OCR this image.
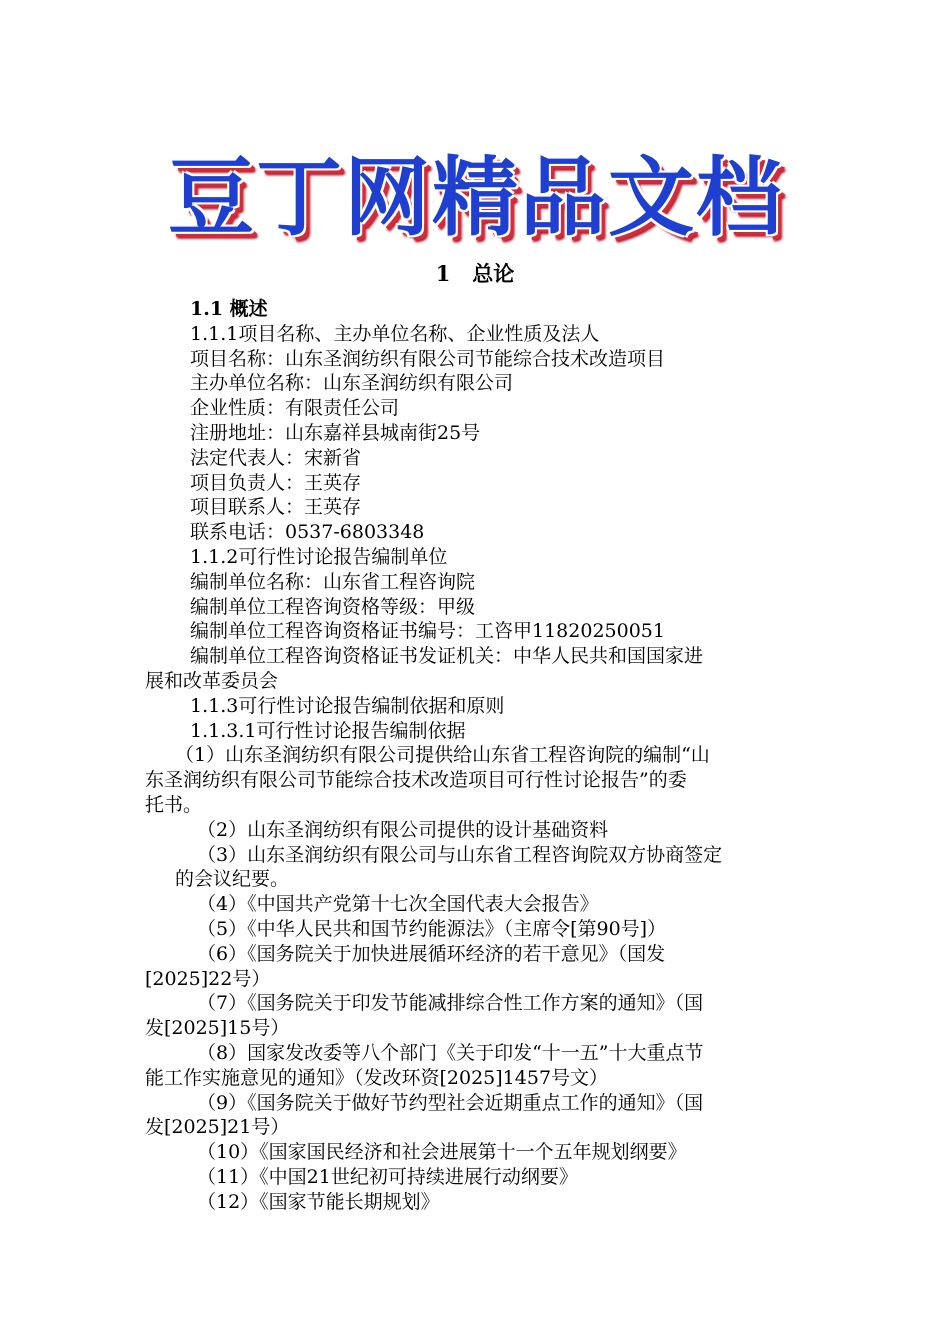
豆丁网精品文档
1   总论
1.1 概述
1.1.1项目名称、主办单位名称、企业性质及法人
项目名称：山东圣润纺织有限公司节能综合技术改造项目
主办单位名称：山东圣润纺织有限公司
企业性质：有限责任公司
注册地址：山东嘉祥县城南街25号
法定代表人：宋新省
项目负责人：王英存
项目联系人：王英存
联系电话：0537-6803348
1.1.2可行性讨论报告编制单位
编制单位名称：山东省工程咨询院
编制单位工程咨询资格等级：甲级
编制单位工程咨询资格证书编号：工咨甲11820250051
编制单位工程咨询资格证书发证机关：中华人民共和国国家进
展和改革委员会
1.1.3可行性讨论报告编制依据和原则
1.1.3.1可行性讨论报告编制依据
（1）山东圣润纺织有限公司提供给山东省工程咨询院的编制“山
东圣润纺织有限公司节能综合技术改造项目可行性讨论报告”的委
托书。
（2）山东圣润纺织有限公司提供的设计基础资料
（3）山东圣润纺织有限公司与山东省工程咨询院双方协商签定
的会议纪要。
（4）《中国共产党第十七次全国代表大会报告》
（5）《中华人民共和国节约能源法》（主席令[第90号]）
（6）《国务院关于加快进展循环经济的若干意见》（国发
[2025]22号）
（7）《国务院关于印发节能减排综合性工作方案的通知》（国
发[2025]15号）
（8）国家发改委等八个部门《关于印发“十一五”十大重点节
能工作实施意见的通知》（发改环资[2025]1457号文）
（9）《国务院关于做好节约型社会近期重点工作的通知》（国
发[2025]21号）
（10）《国家国民经济和社会进展第十一个五年规划纲要》
（11）《中国21世纪初可持续进展行动纲要》
（12）《国家节能长期规划》
